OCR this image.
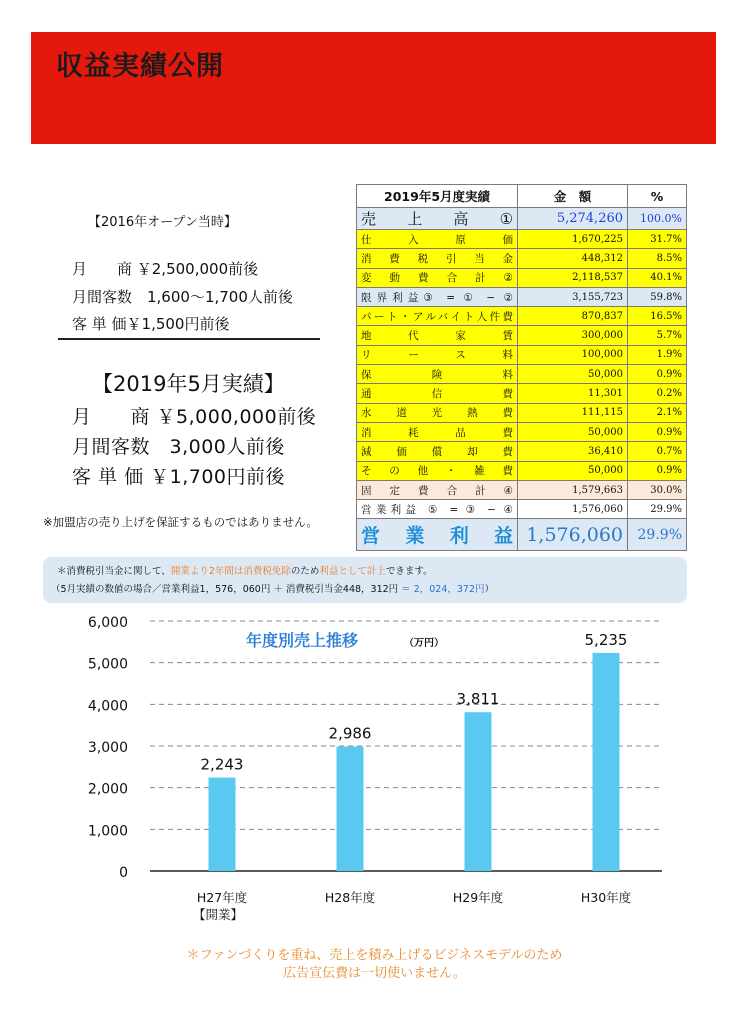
収益実績公開
【2016年オープン当時】
月　　商 ￥2,500,000前後
月間客数　1,600～1,700人前後
客 単 価￥1,500円前後
【2019年5月実績】
月　　商 ￥5,000,000前後
月間客数　3,000人前後
客 単 価 ￥1,700円前後
※加盟店の売り上げを保証するものではありません。
2019年5月度実績	金　額	%
売　上　高　①	5,274,260	100.0%
仕入原価	1,670,225	31.7%
消費税引当金	448,312	8.5%
変動費合計②	2,118,537	40.1%
限界利益③ = ① − ②	3,155,723	59.8%
パート・アルバイト人件費	870,837	16.5%
地代家賃	300,000	5.7%
リース料	100,000	1.9%
保険料	50,000	0.9%
通信費	11,301	0.2%
水道光熱費	111,115	2.1%
消耗品費	50,000	0.9%
減価償却費	36,410	0.7%
その他・雑費	50,000	0.9%
固定費合計④	1,579,663	30.0%
営業利益 ⑤ = ③ − ④	1,576,060	29.9%
営業利益	1,576,060	29.9%
＊消費税引当金に関して、開業より2年間は消費税免除のため利益として計上できます。
（5月実績の数値の場合／営業利益1，576，060円 ＋ 消費税引当金448，312円 ＝ 2，024，372円）
0
1,000
2,000
3,000
4,000
5,000
6,000
2,243
H27年度
【開業】
2,986
H28年度
3,811
H29年度
5,235
H30年度
年度別売上推移	（万円）
＊ファンづくりを重ね、売上を積み上げるビジネスモデルのため
広告宣伝費は一切使いません。
